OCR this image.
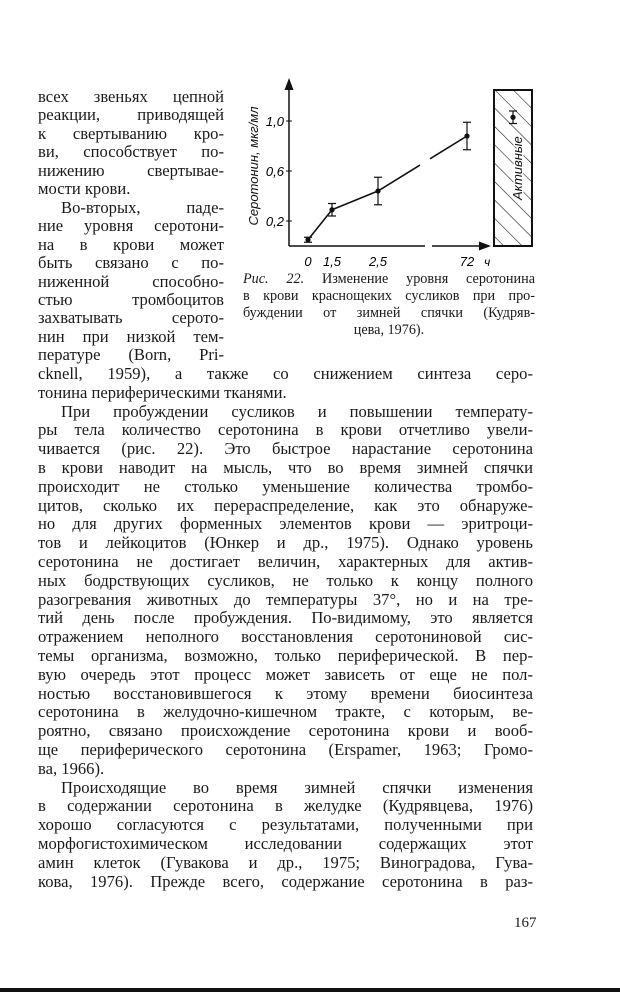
всех звеньях цепной
реакции, приводящей
к свертыванию кро-
ви, способствует по-
нижению свертывае-
мости крови.
Во-вторых, паде-
ние уровня серотони-
на в крови может
быть связано с по-
ниженной способно-
стью тромбоцитов
захватывать серото-
нин при низкой тем-
пературе (Born, Pri-
cknell, 1959), а также со снижением синтеза серо-
тонина периферическими тканями.
При пробуждении сусликов и повышении температу-
ры тела количество серотонина в крови отчетливо увели-
чивается (рис. 22). Это быстрое нарастание серотонина
в крови наводит на мысль, что во время зимней спячки
происходит не столько уменьшение количества тромбо-
цитов, сколько их перераспределение, как это обнаруже-
но для других форменных элементов крови — эритроци-
тов и лейкоцитов (Юнкер и др., 1975). Однако уровень
серотонина не достигает величин, характерных для актив-
ных бодрствующих сусликов, не только к концу полного
разогревания животных до температуры 37°, но и на тре-
тий день после пробуждения. По-видимому, это является
отражением неполного восстановления серотониновой сис-
темы организма, возможно, только периферической. В пер-
вую очередь этот процесс может зависеть от еще не пол-
ностью восстановившегося к этому времени биосинтеза
серотонина в желудочно-кишечном тракте, с которым, ве-
роятно, связано происхождение серотонина крови и вооб-
ще периферического серотонина (Erspamer, 1963; Громо-
ва, 1966).
Происходящие во время зимней спячки изменения
в содержании серотонина в желудке (Кудрявцева, 1976)
хорошо согласуются с результатами, полученными при
морфогистохимическом исследовании содержащих этот
амин клеток (Гувакова и др., 1975; Виноградова, Гува-
кова, 1976). Прежде всего, содержание серотонина в раз-
Активные
Серотонин, мкг/мл 0,2
0,6
1,0
0 1,5 2,5	72 ч
Рис. 22. Изменение уровня серотонина
в крови краснощеких сусликов при про-
буждении от зимней спячки (Кудряв-
цева, 1976).
167
